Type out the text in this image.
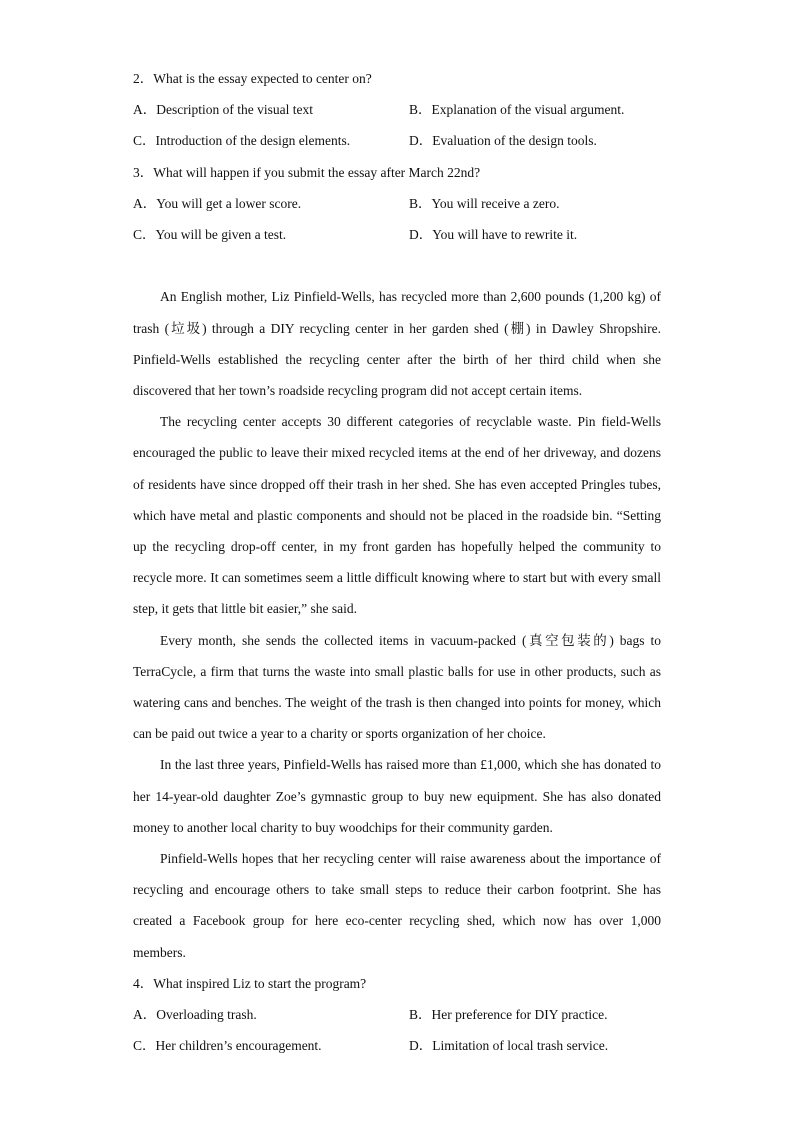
2．What is the essay expected to center on?
A．Description of the visual text	B．Explanation of the visual argument.
C．Introduction of the design elements.	D．Evaluation of the design tools.
3．What will happen if you submit the essay after March 22nd?
A．You will get a lower score.	B．You will receive a zero.
C．You will be given a test.	D．You will have to rewrite it.

An English mother, Liz Pinfield-Wells, has recycled more than 2,600 pounds (1,200 kg) of trash (垃圾) through a DIY recycling center in her garden shed (棚) in Dawley Shropshire. Pinfield-Wells established the recycling center after the birth of her third child when she discovered that her town’s roadside recycling program did not accept certain items.

The recycling center accepts 30 different categories of recyclable waste. Pin field-Wells encouraged the public to leave their mixed recycled items at the end of her driveway, and dozens of residents have since dropped off their trash in her shed. She has even accepted Pringles tubes, which have metal and plastic components and should not be placed in the roadside bin. “Setting up the recycling drop-off center, in my front garden has hopefully helped the community to recycle more. It can sometimes seem a little difficult knowing where to start but with every small step, it gets that little bit easier,” she said.

Every month, she sends the collected items in vacuum-packed (真空包装的) bags to TerraCycle, a firm that turns the waste into small plastic balls for use in other products, such as watering cans and benches. The weight of the trash is then changed into points for money, which can be paid out twice a year to a charity or sports organization of her choice.

In the last three years, Pinfield-Wells has raised more than £1,000, which she has donated to her 14-year-old daughter Zoe’s gymnastic group to buy new equipment. She has also donated money to another local charity to buy woodchips for their community garden.

Pinfield-Wells hopes that her recycling center will raise awareness about the importance of recycling and encourage others to take small steps to reduce their carbon footprint. She has created a Facebook group for here eco-center recycling shed, which now has over 1,000 members.

4．What inspired Liz to start the program?
A．Overloading trash.	B．Her preference for DIY practice.
C．Her children’s encouragement.	D．Limitation of local trash service.
